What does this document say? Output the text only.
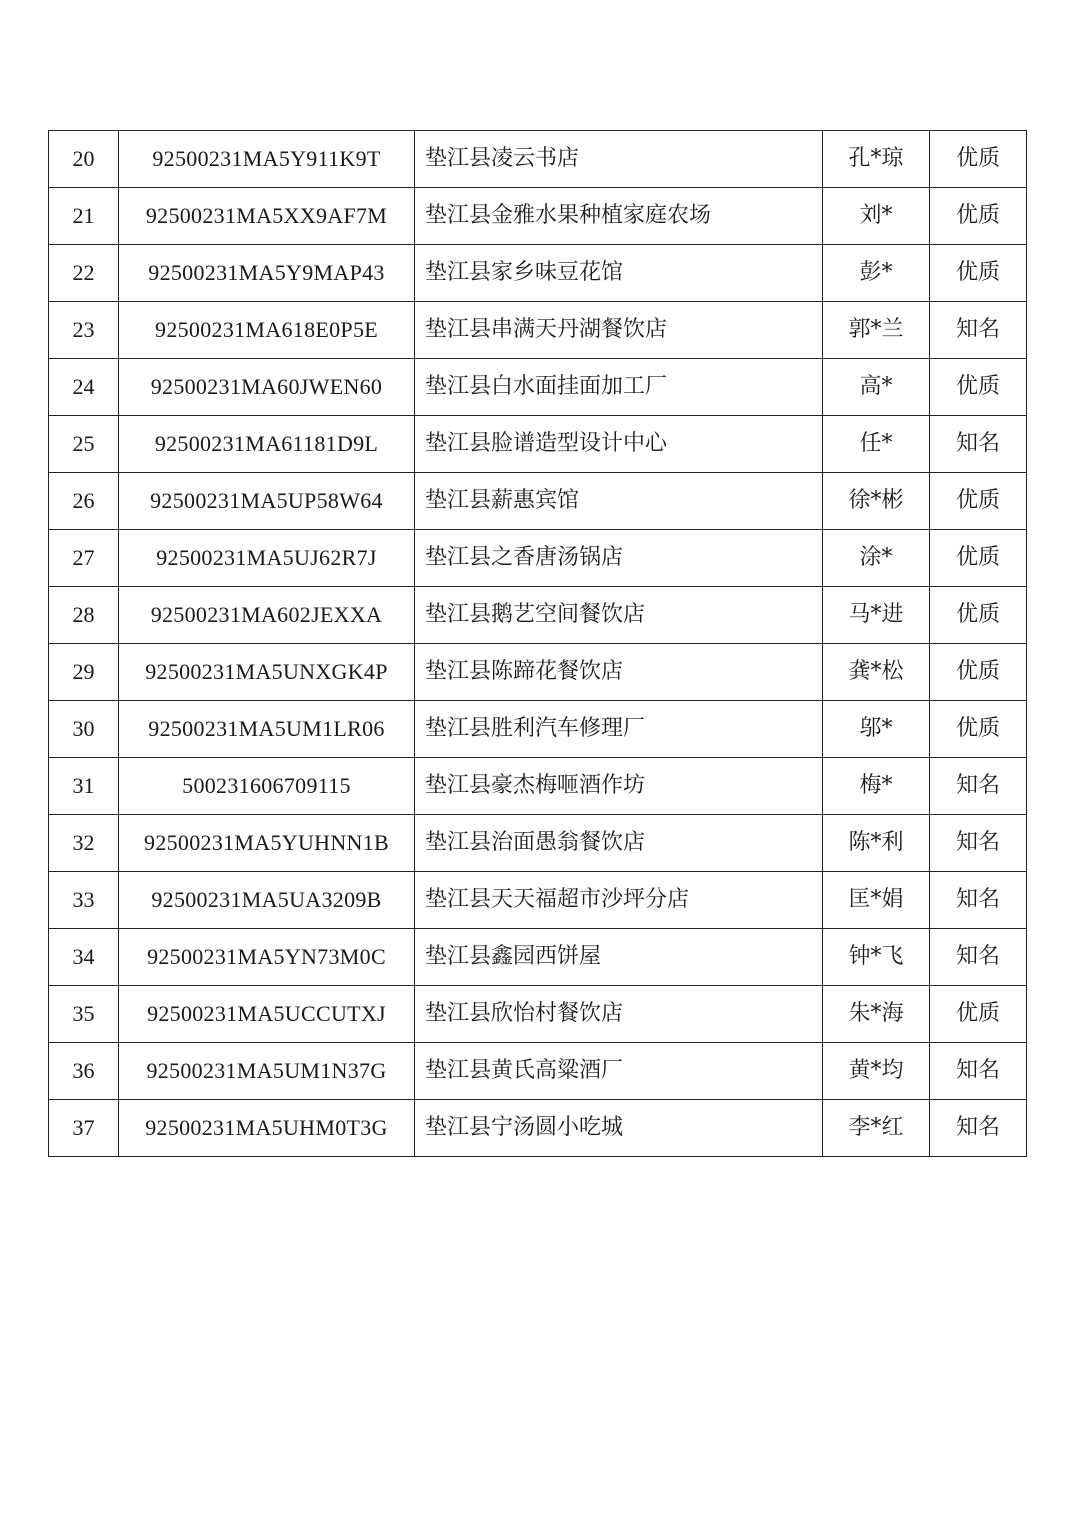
20	92500231MA5Y911K9T	垫江县凌云书店	孔*琼	优质
21	92500231MA5XX9AF7M	垫江县金雅水果种植家庭农场	刘*	优质
22	92500231MA5Y9MAP43	垫江县家乡味豆花馆	彭*	优质
23	92500231MA618E0P5E	垫江县串满天丹湖餐饮店	郭*兰	知名
24	92500231MA60JWEN60	垫江县白水面挂面加工厂	高*	优质
25	92500231MA61181D9L	垫江县脸谱造型设计中心	任*	知名
26	92500231MA5UP58W64	垫江县薪惠宾馆	徐*彬	优质
27	92500231MA5UJ62R7J	垫江县之香唐汤锅店	涂*	优质
28	92500231MA602JEXXA	垫江县鹅艺空间餐饮店	马*进	优质
29	92500231MA5UNXGK4P	垫江县陈蹄花餐饮店	龚*松	优质
30	92500231MA5UM1LR06	垫江县胜利汽车修理厂	邬*	优质
31	500231606709115	垫江县豪杰梅咂酒作坊	梅*	知名
32	92500231MA5YUHNN1B	垫江县治面愚翁餐饮店	陈*利	知名
33	92500231MA5UA3209B	垫江县天天福超市沙坪分店	匡*娟	知名
34	92500231MA5YN73M0C	垫江县鑫园西饼屋	钟*飞	知名
35	92500231MA5UCCUTXJ	垫江县欣怡村餐饮店	朱*海	优质
36	92500231MA5UM1N37G	垫江县黄氏高粱酒厂	黄*均	知名
37	92500231MA5UHM0T3G	垫江县宁汤圆小吃城	李*红	知名
